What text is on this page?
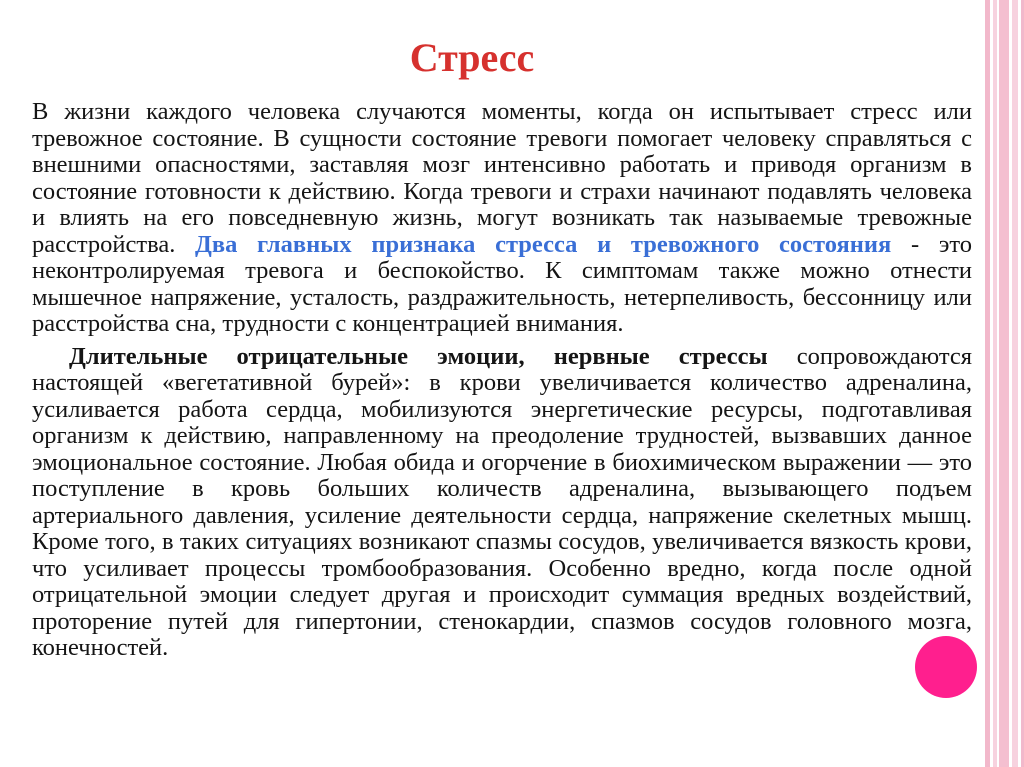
Стресс

В жизни каждого человека случаются моменты, когда он испытывает стресс или тревожное состояние. В сущности состояние тревоги помогает человеку справляться с внешними опасностями, заставляя мозг интенсивно работать и приводя организм в состояние готовности к действию. Когда тревоги и страхи начинают подавлять человека и влиять на его повседневную жизнь, могут возникать так называемые тревожные расстройства. Два главных признака стресса и тревожного состояния - это неконтролируемая тревога и беспокойство. К симптомам также можно отнести мышечное напряжение, усталость, раздражительность, нетерпеливость, бессонницу или расстройства сна, трудности с концентрацией внимания.

Длительные отрицательные эмоции, нервные стрессы сопровождаются настоящей «вегетативной бурей»: в крови увеличивается количество адреналина, усиливается работа сердца, мобилизуются энергетические ресурсы, подготавливая организм к действию, направленному на преодоление трудностей, вызвавших данное эмоциональное состояние. Любая обида и огорчение в биохимическом выражении — это поступление в кровь больших количеств адреналина, вызывающего подъем артериального давления, усиление деятельности сердца, напряжение скелетных мышц. Кроме того, в таких ситуациях возникают спазмы сосудов, увеличивается вязкость крови, что усиливает процессы тромбообразования. Особенно вредно, когда после одной отрицательной эмоции следует другая и происходит суммация вредных воздействий, проторение путей для гипертонии, стенокардии, спазмов сосудов головного мозга, конечностей.
